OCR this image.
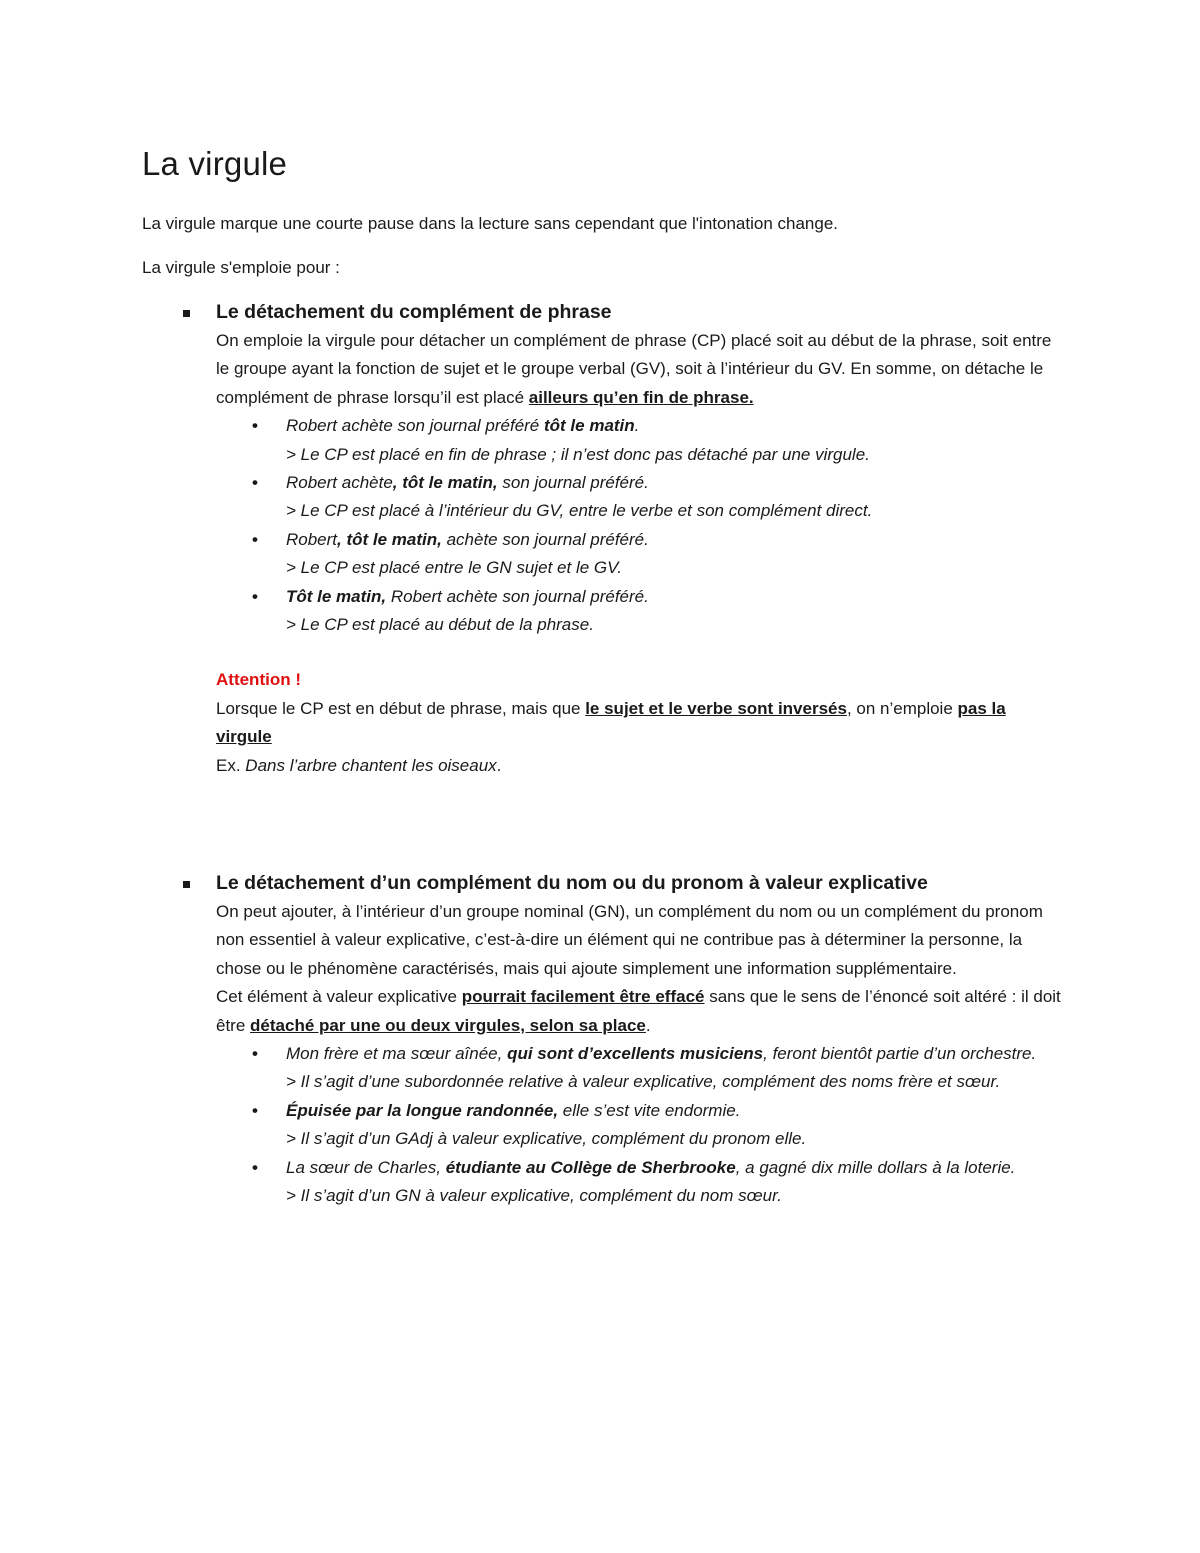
La virgule

La virgule marque une courte pause dans la lecture sans cependant que l'intonation change.

La virgule s'emploie pour :

Le détachement du complément de phrase

On emploie la virgule pour détacher un complément de phrase (CP) placé soit au début de la phrase, soit entre le groupe ayant la fonction de sujet et le groupe verbal (GV), soit à l’intérieur du GV. En somme, on détache le complément de phrase lorsqu’il est placé ailleurs qu’en fin de phrase.

• Robert achète son journal préféré tôt le matin.
> Le CP est placé en fin de phrase ; il n’est donc pas détaché par une virgule.
• Robert achète, tôt le matin, son journal préféré.
> Le CP est placé à l’intérieur du GV, entre le verbe et son complément direct.
• Robert, tôt le matin, achète son journal préféré.
> Le CP est placé entre le GN sujet et le GV.
• Tôt le matin, Robert achète son journal préféré.
> Le CP est placé au début de la phrase.

Attention !

Lorsque le CP est en début de phrase, mais que le sujet et le verbe sont inversés, on n’emploie pas la virgule

Ex. Dans l’arbre chantent les oiseaux.

Le détachement d’un complément du nom ou du pronom à valeur explicative

On peut ajouter, à l’intérieur d’un groupe nominal (GN), un complément du nom ou un complément du pronom non essentiel à valeur explicative, c’est-à-dire un élément qui ne contribue pas à déterminer la personne, la chose ou le phénomène caractérisés, mais qui ajoute simplement une information supplémentaire.

Cet élément à valeur explicative pourrait facilement être effacé sans que le sens de l’énoncé soit altéré : il doit être détaché par une ou deux virgules, selon sa place.

• Mon frère et ma sœur aînée, qui sont d’excellents musiciens, feront bientôt partie d’un orchestre.
> Il s’agit d’une subordonnée relative à valeur explicative, complément des noms frère et sœur.
• Épuisée par la longue randonnée, elle s’est vite endormie.
> Il s’agit d’un GAdj à valeur explicative, complément du pronom elle.
• La sœur de Charles, étudiante au Collège de Sherbrooke, a gagné dix mille dollars à la loterie.
> Il s’agit d’un GN à valeur explicative, complément du nom sœur.
